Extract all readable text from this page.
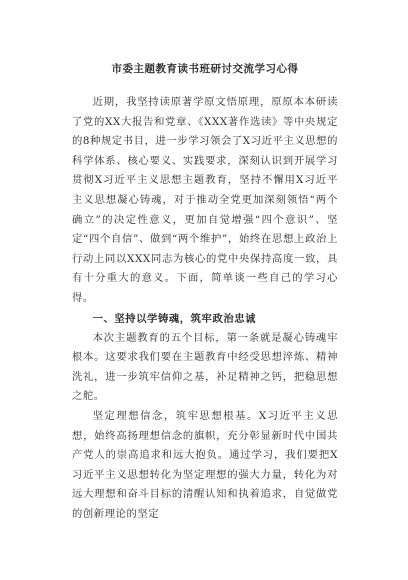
市委主题教育读书班研讨交流学习心得

近期，我坚持读原著学原文悟原理，原原本本研读了党的XX大报告和党章、《XXX著作选读》等中央规定的8种规定书目，进一步学习领会了X习近平主义思想的科学体系、核心要义、实践要求，深刻认识到开展学习贯彻X习近平主义思想主题教育，坚持不懈用X习近平主义思想凝心铸魂，对于推动全党更加深刻领悟“两个确立”的决定性意义，更加自觉增强“四个意识”、坚定“四个自信”、做到“两个维护”，始终在思想上政治上行动上同以XXX同志为核心的党中央保持高度一致，具有十分重大的意义。下面，简单谈一些自己的学习心得。

一、坚持以学铸魂，筑牢政治忠诚

本次主题教育的五个目标，第一条就是凝心铸魂牢根本。这要求我们要在主题教育中经受思想淬炼、精神洗礼，进一步筑牢信仰之基，补足精神之钙，把稳思想之舵。

坚定理想信念，筑牢思想根基。X习近平主义思想，始终高扬理想信念的旗帜，充分彰显新时代中国共产党人的崇高追求和远大抱负。通过学习，我们要把X习近平主义思想转化为坚定理想的强大力量，转化为对远大理想和奋斗目标的清醒认知和执着追求，自觉做党的创新理论的坚定
